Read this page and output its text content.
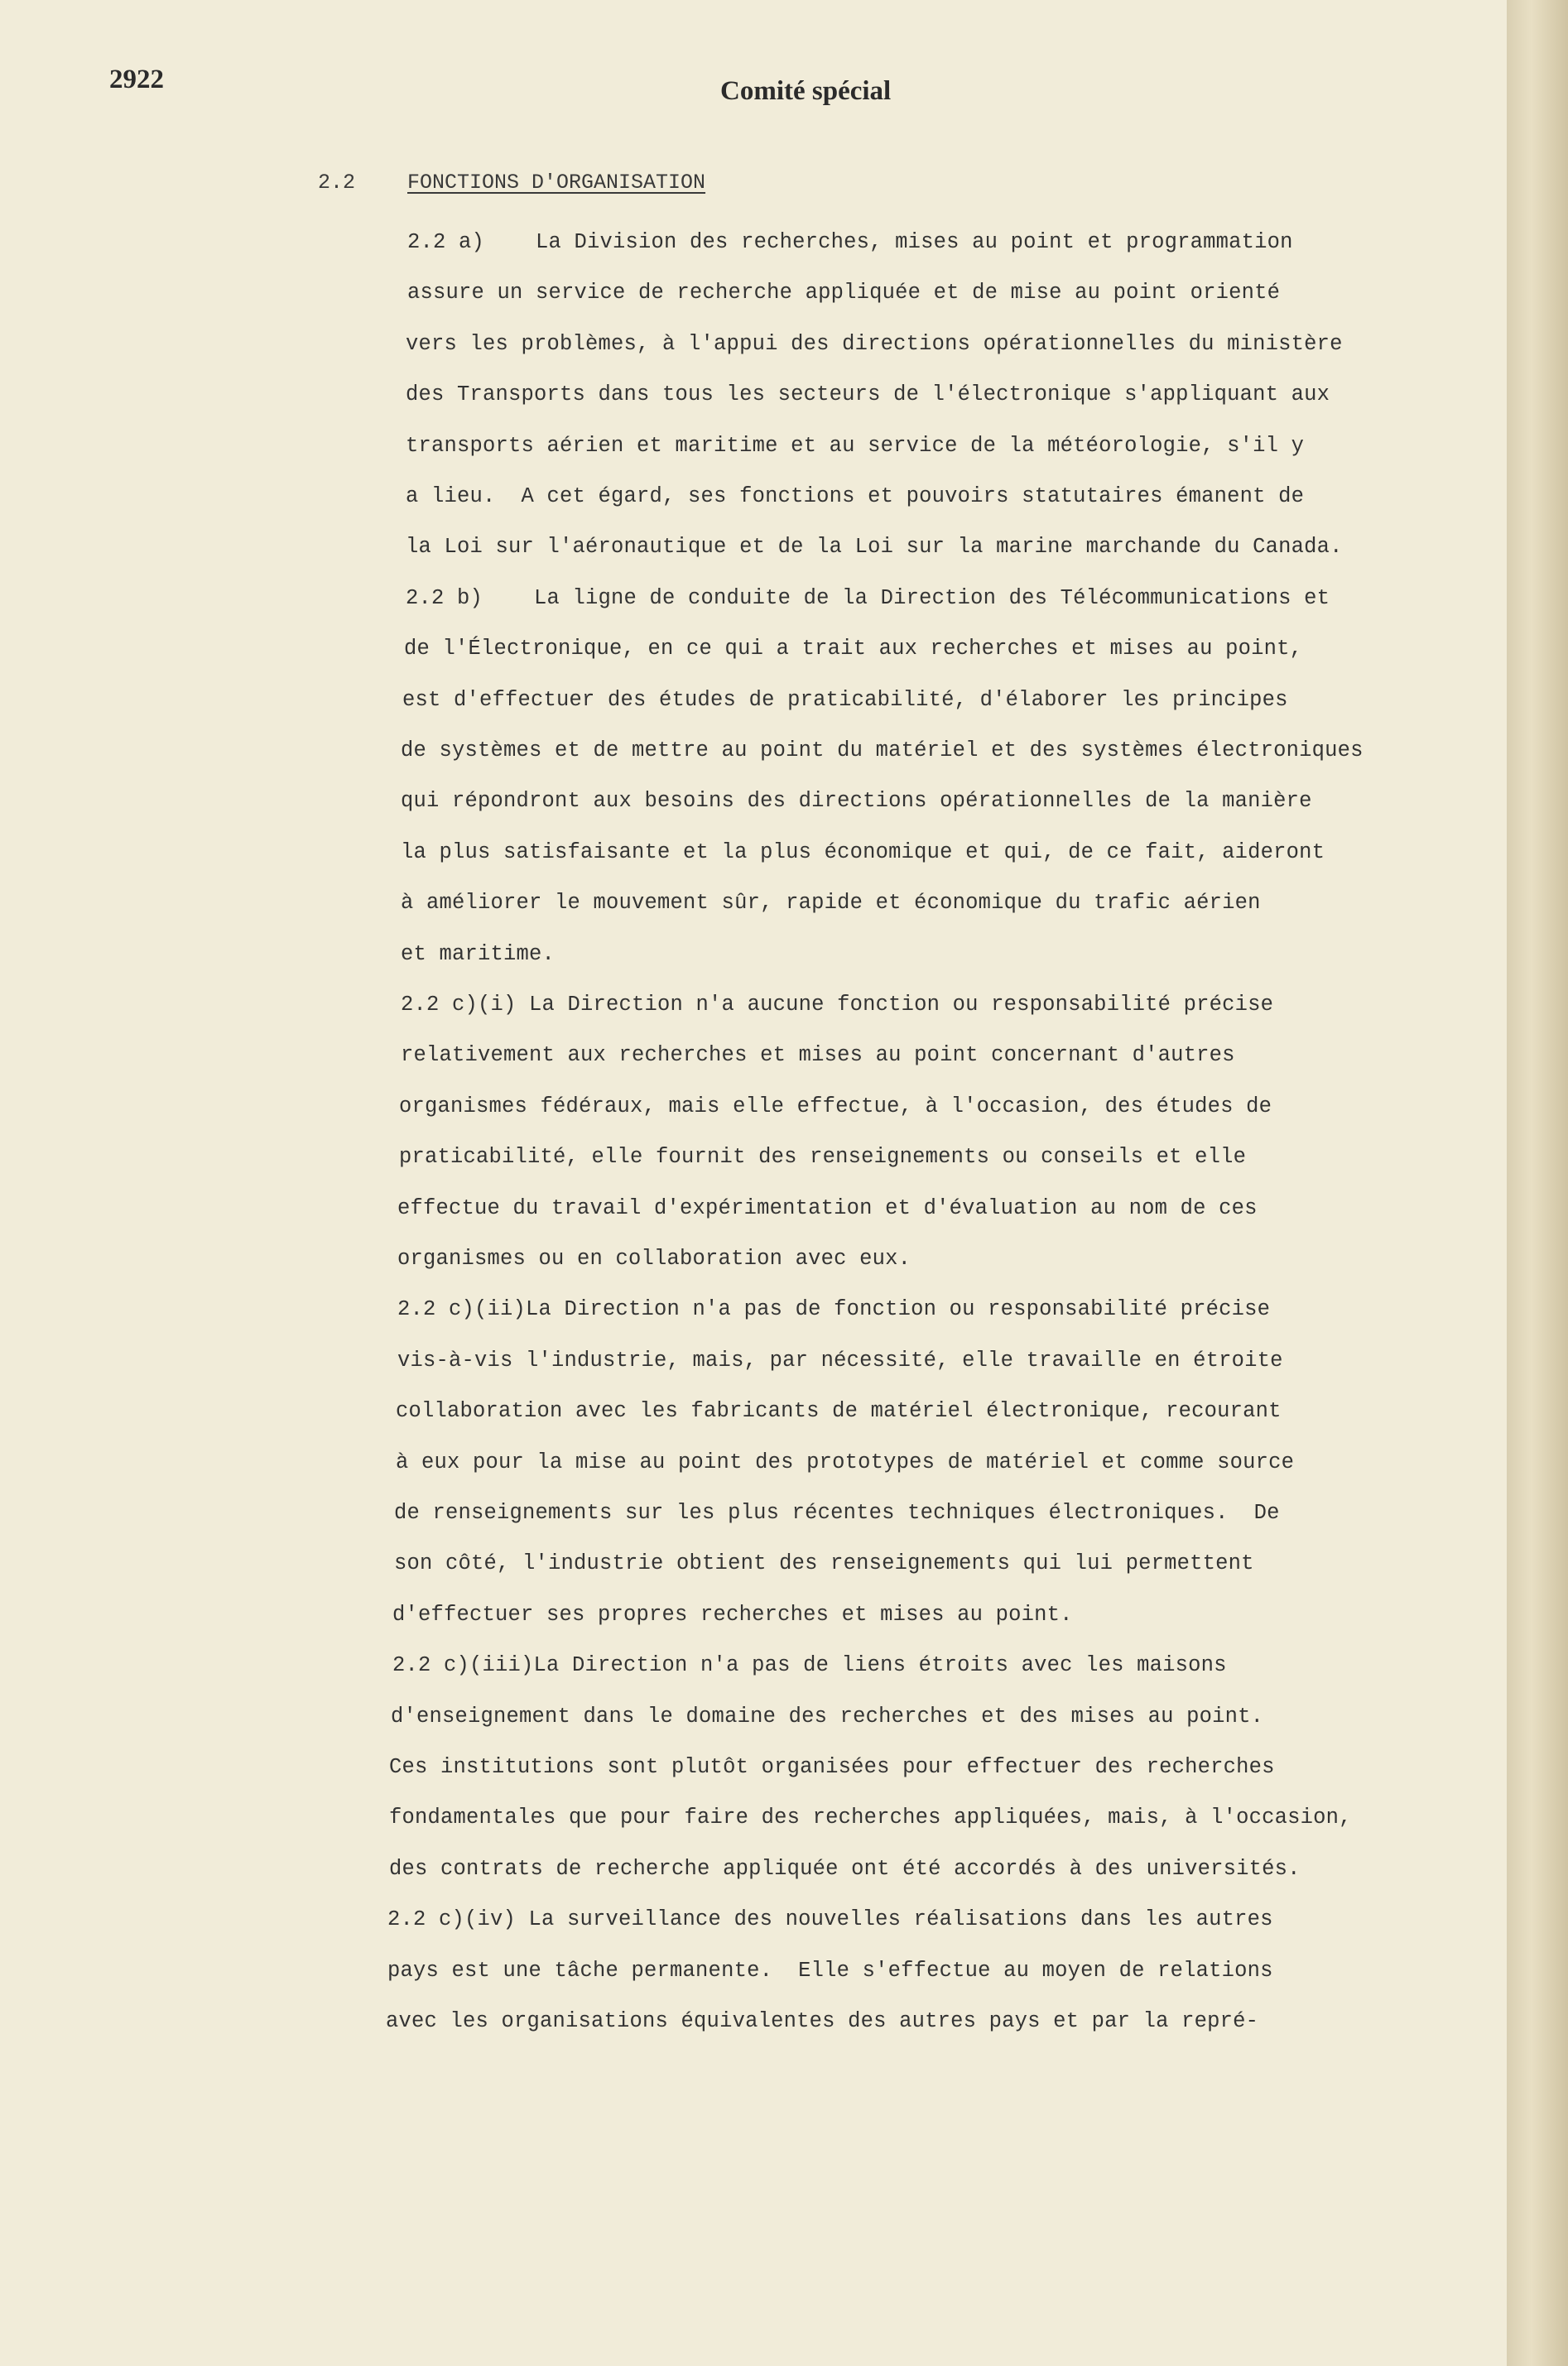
2922	Comité spécial
2.2	FONCTIONS D'ORGANISATION
2.2 a)    La Division des recherches, mises au point et programmation
assure un service de recherche appliquée et de mise au point orienté
vers les problèmes, à l'appui des directions opérationnelles du ministère
des Transports dans tous les secteurs de l'électronique s'appliquant aux
transports aérien et maritime et au service de la météorologie, s'il y
a lieu.  A cet égard, ses fonctions et pouvoirs statutaires émanent de
la Loi sur l'aéronautique et de la Loi sur la marine marchande du Canada.
2.2 b)    La ligne de conduite de la Direction des Télécommunications et
de l'Électronique, en ce qui a trait aux recherches et mises au point,
est d'effectuer des études de praticabilité, d'élaborer les principes
de systèmes et de mettre au point du matériel et des systèmes électroniques
qui répondront aux besoins des directions opérationnelles de la manière
la plus satisfaisante et la plus économique et qui, de ce fait, aideront
à améliorer le mouvement sûr, rapide et économique du trafic aérien
et maritime.
2.2 c)(i) La Direction n'a aucune fonction ou responsabilité précise
relativement aux recherches et mises au point concernant d'autres
organismes fédéraux, mais elle effectue, à l'occasion, des études de
praticabilité, elle fournit des renseignements ou conseils et elle
effectue du travail d'expérimentation et d'évaluation au nom de ces
organismes ou en collaboration avec eux.
2.2 c)(ii)La Direction n'a pas de fonction ou responsabilité précise
vis-à-vis l'industrie, mais, par nécessité, elle travaille en étroite
collaboration avec les fabricants de matériel électronique, recourant
à eux pour la mise au point des prototypes de matériel et comme source
de renseignements sur les plus récentes techniques électroniques.  De
son côté, l'industrie obtient des renseignements qui lui permettent
d'effectuer ses propres recherches et mises au point.
2.2 c)(iii)La Direction n'a pas de liens étroits avec les maisons
d'enseignement dans le domaine des recherches et des mises au point.
Ces institutions sont plutôt organisées pour effectuer des recherches
fondamentales que pour faire des recherches appliquées, mais, à l'occasion,
des contrats de recherche appliquée ont été accordés à des universités.
2.2 c)(iv) La surveillance des nouvelles réalisations dans les autres
pays est une tâche permanente.  Elle s'effectue au moyen de relations
avec les organisations équivalentes des autres pays et par la repré-
